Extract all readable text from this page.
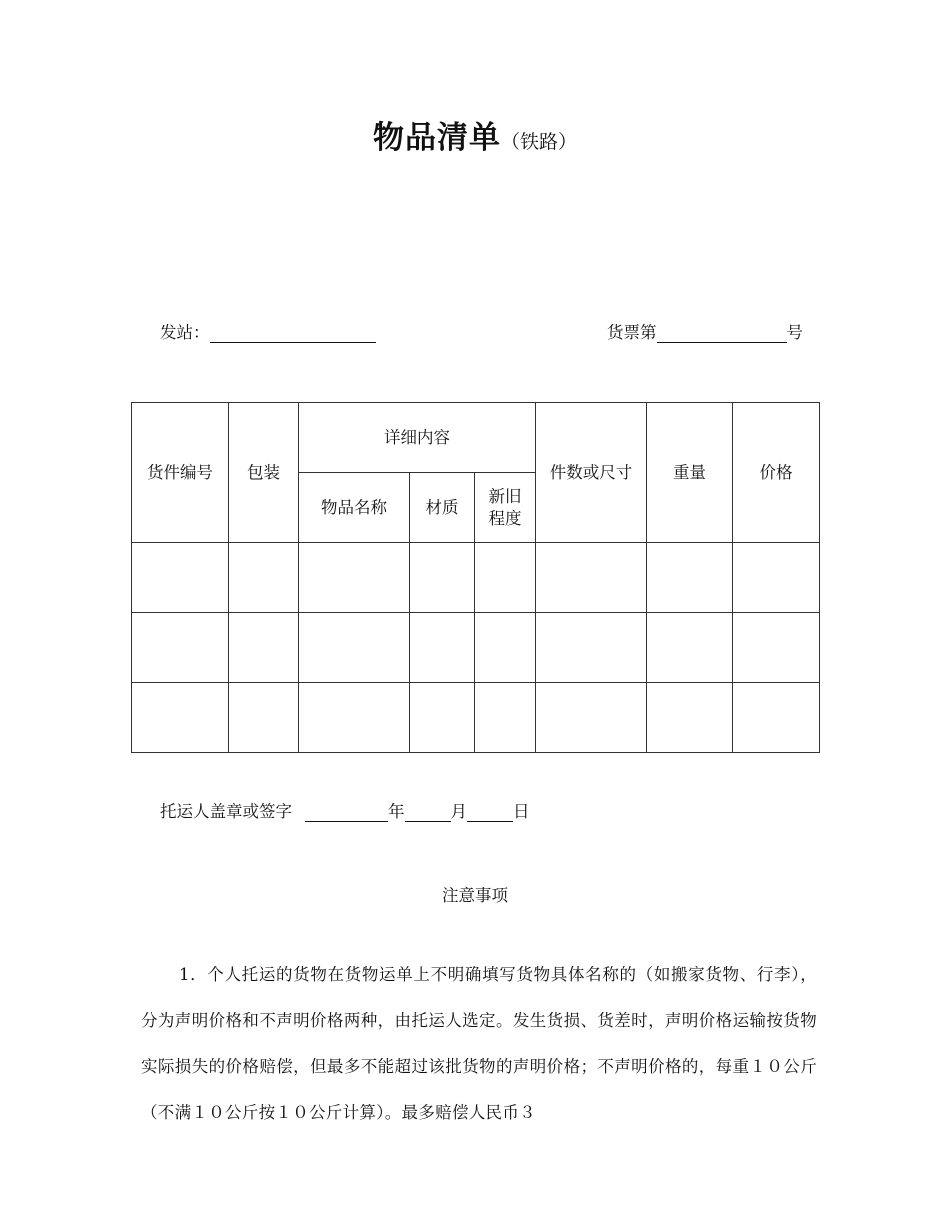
物品清单（铁路）
发站：	货票第	号
货件编号	包装	详细内容			件数或尺寸	重量	价格
		物品名称	材质	新旧
程度			

托运人盖章或签字	年	月	日
注意事项
1．个人托运的货物在货物运单上不明确填写货物具体名称的（如搬家货物、行李），分为声明价格和不声明价格两种，由托运人选定。发生货损、货差时，声明价格运输按货物实际损失的价格赔偿，但最多不能超过该批货物的声明价格；不声明价格的，每重１０公斤（不满１０公斤按１０公斤计算）。最多赔偿人民币３
